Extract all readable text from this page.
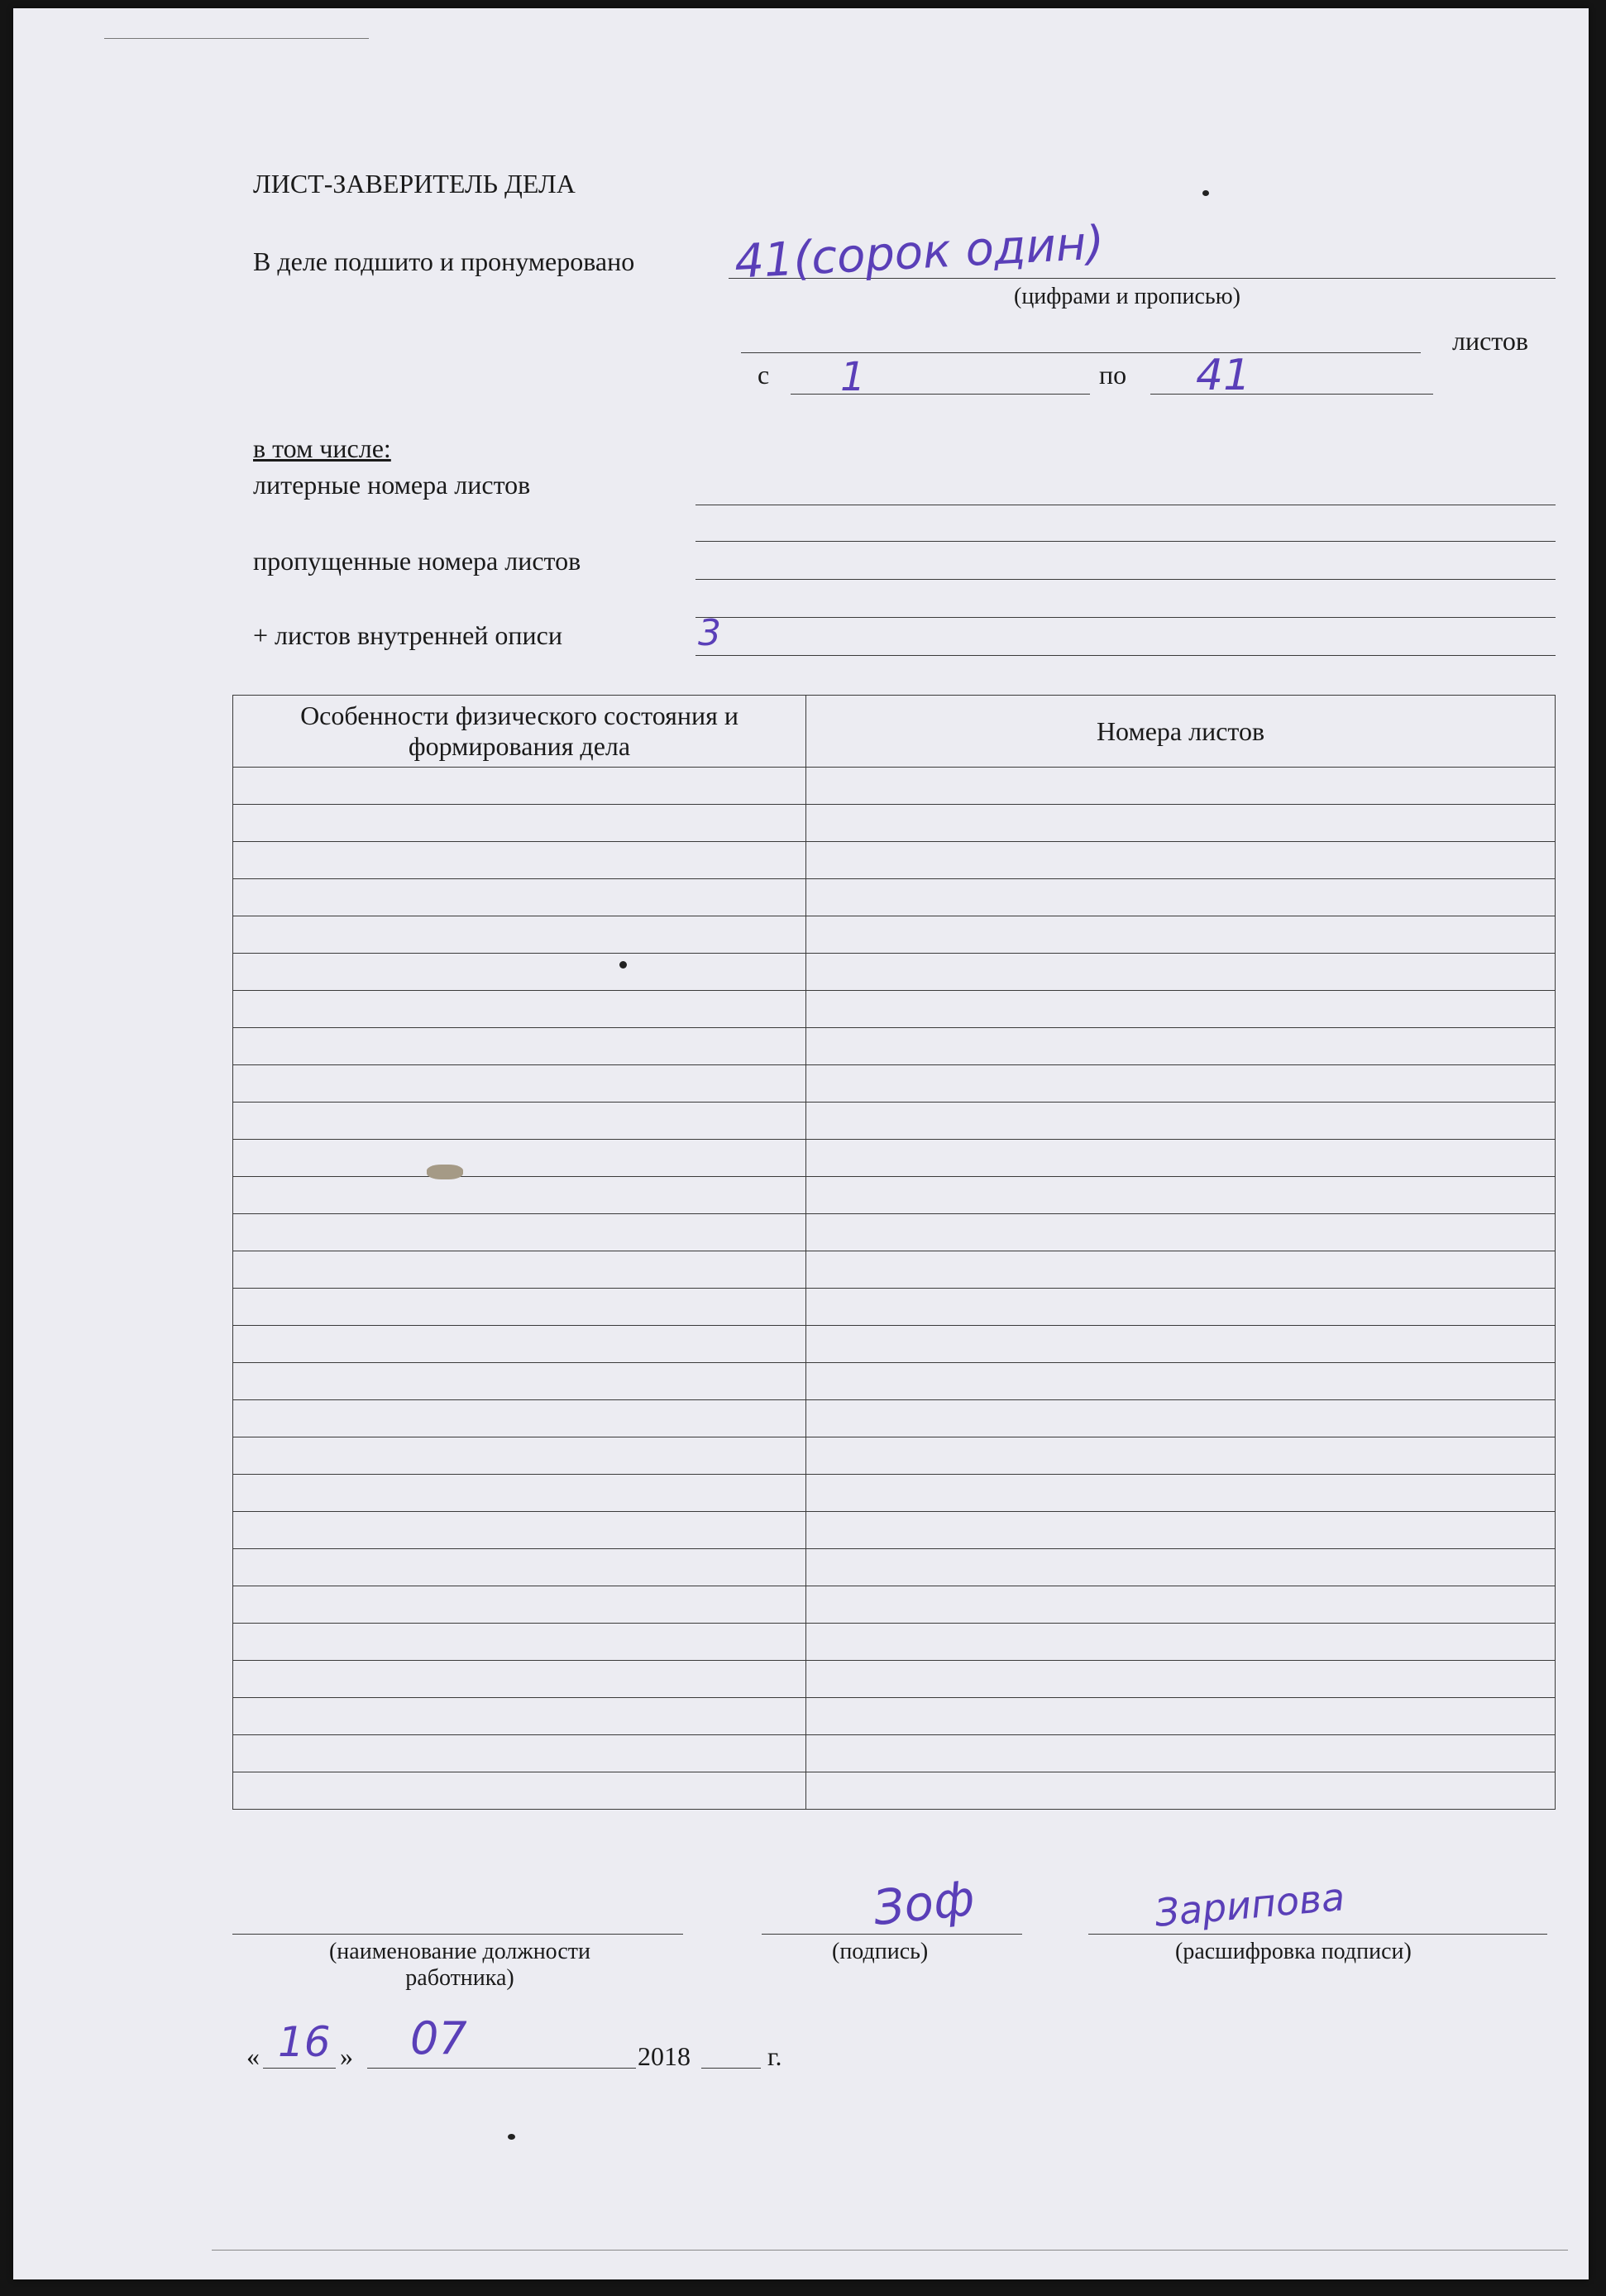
ЛИСТ-ЗАВЕРИТЕЛЬ ДЕЛА
В деле подшито и пронумеровано 41(сорок один)
(цифрами и прописью)
листов
с 1	по 41
в том числе:
литерные номера листов
пропущенные номера листов
+ листов внутренней описи	3
Особенности физического состояния и формирования дела	Номера листов

(наименование должности работника)
Зоф
(подпись)
Зарипова
(расшифровка подписи)
« 16 » 07	2018	г.
